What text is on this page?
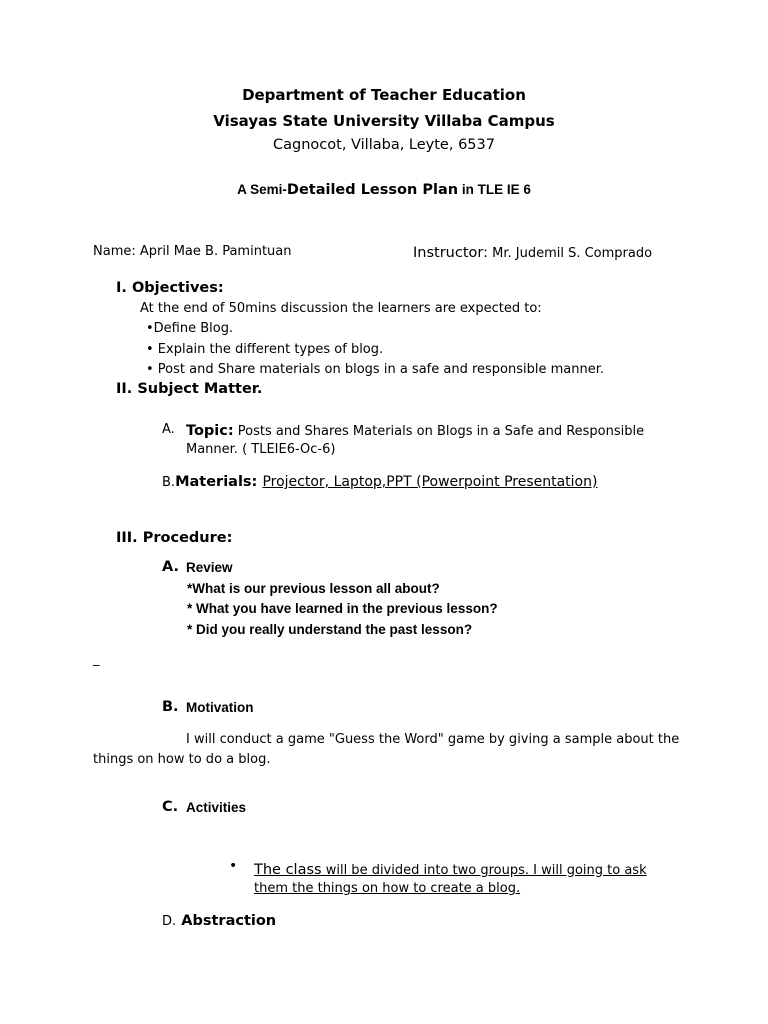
Department of Teacher Education
Visayas State University Villaba Campus
Cagnocot, Villaba, Leyte, 6537
A Semi-Detailed Lesson Plan in TLE IE 6
Name: April Mae B. Pamintuan	Instructor: Mr. Judemil S. Comprado
I. Objectives:
At the end of 50mins discussion the learners are expected to:
•Define Blog.
• Explain the different types of blog.
• Post and Share materials on blogs in a safe and responsible manner.
II. Subject Matter.
A. Topic: Posts and Shares Materials on Blogs in a Safe and Responsible
Manner. ( TLEIE6-Oc-6)
B.Materials: Projector, Laptop,PPT (Powerpoint Presentation)
III. Procedure:
A. Review
*What is our previous lesson all about?
* What you have learned in the previous lesson?
* Did you really understand the past lesson?
_
B. Motivation
I will conduct a game "Guess the Word" game by giving a sample about the
things on how to do a blog.
C. Activities
• The class will be divided into two groups. I will going to ask
them the things on how to create a blog.
D. Abstraction
